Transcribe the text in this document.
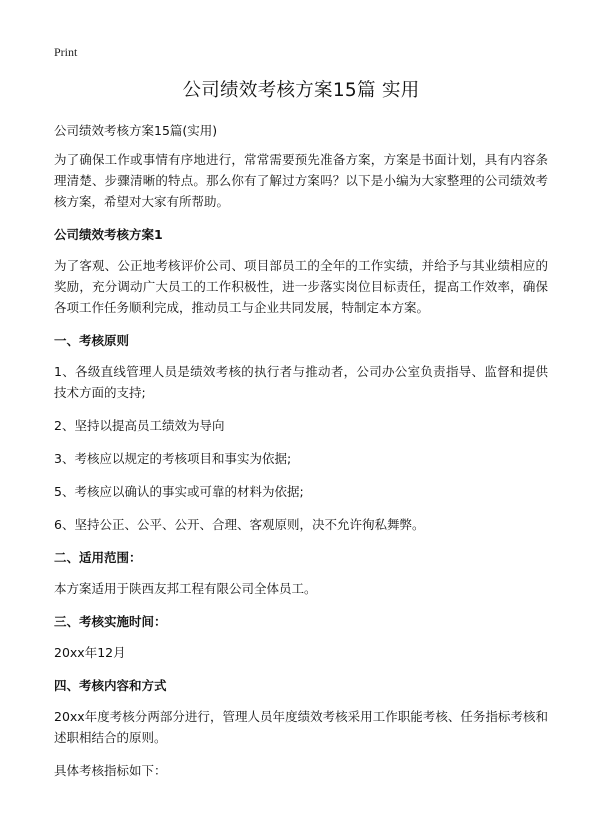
Print
公司绩效考核方案15篇 实用
公司绩效考核方案15篇(实用)
为了确保工作或事情有序地进行，常常需要预先准备方案，方案是书面计划，具有内容条理清楚、步骤清晰的特点。那么你有了解过方案吗？以下是小编为大家整理的公司绩效考核方案，希望对大家有所帮助。
公司绩效考核方案1
为了客观、公正地考核评价公司、项目部员工的全年的工作实绩，并给予与其业绩相应的奖励，充分调动广大员工的工作积极性，进一步落实岗位目标责任，提高工作效率，确保各项工作任务顺利完成，推动员工与企业共同发展，特制定本方案。
一、考核原则
1、各级直线管理人员是绩效考核的执行者与推动者，公司办公室负责指导、监督和提供技术方面的支持;
2、坚持以提高员工绩效为导向
3、考核应以规定的考核项目和事实为依据;
5、考核应以确认的事实或可靠的材料为依据;
6、坚持公正、公平、公开、合理、客观原则，决不允许徇私舞弊。
二、适用范围：
本方案适用于陕西友邦工程有限公司全体员工。
三、考核实施时间：
20xx年12月
四、考核内容和方式
20xx年度考核分两部分进行，管理人员年度绩效考核采用工作职能考核、任务指标考核和述职相结合的原则。
具体考核指标如下：
